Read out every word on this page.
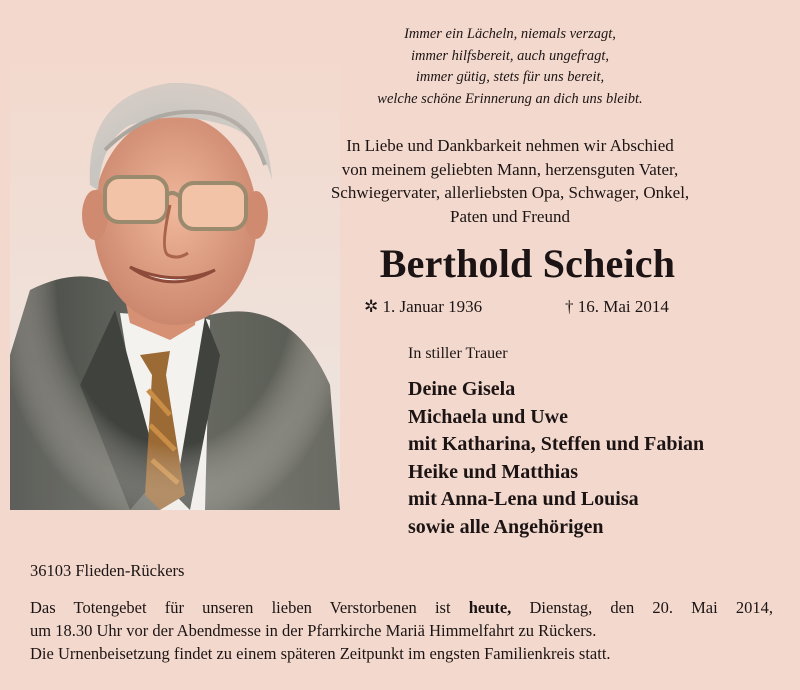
Immer ein Lächeln, niemals verzagt,
immer hilfsbereit, auch ungefragt,
immer gütig, stets für uns bereit,
welche schöne Erinnerung an dich uns bleibt.
In Liebe und Dankbarkeit nehmen wir Abschied
von meinem geliebten Mann, herzensguten Vater,
Schwiegervater, allerliebsten Opa, Schwager, Onkel,
Paten und Freund
Berthold Scheich
✲ 1. Januar 1936	† 16. Mai 2014
In stiller Trauer
Deine Gisela
Michaela und Uwe
mit Katharina, Steffen und Fabian
Heike und Matthias
mit Anna-Lena und Louisa
sowie alle Angehörigen
36103 Flieden-Rückers
Das Totengebet für unseren lieben Verstorbenen ist heute, Dienstag, den 20. Mai 2014,
um 18.30 Uhr vor der Abendmesse in der Pfarrkirche Mariä Himmelfahrt zu Rückers.
Die Urnenbeisetzung findet zu einem späteren Zeitpunkt im engsten Familienkreis statt.
